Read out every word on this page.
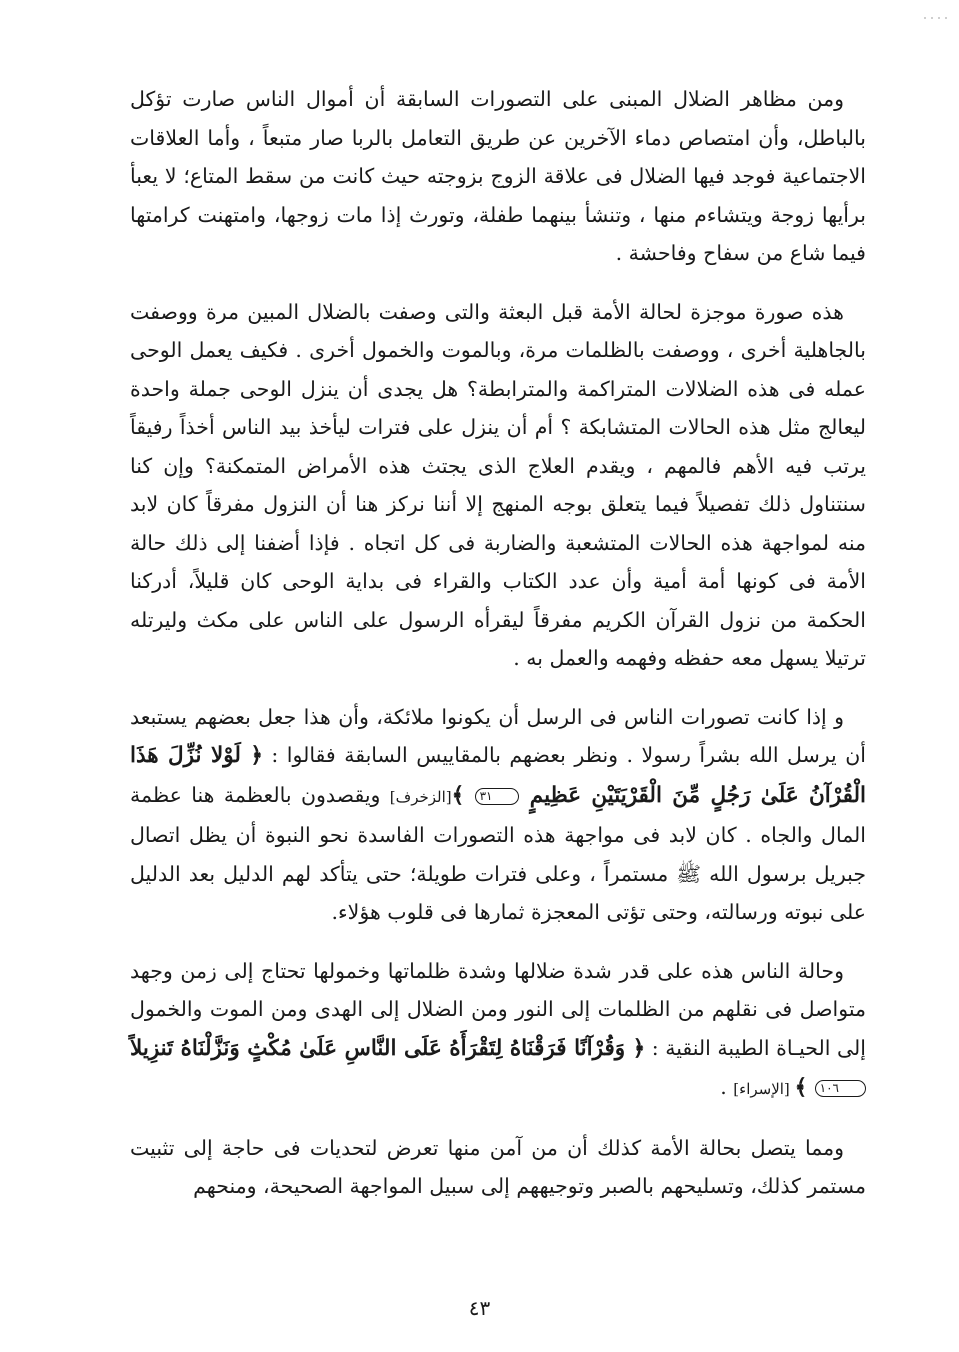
ومن مظاهر الضلال المبنى على التصورات السابقة أن أموال الناس صارت تؤكل بالباطل، وأن امتصاص دماء الآخرين عن طريق التعامل بالربا صار متبعاً ، وأما العلاقات الاجتماعية فوجد فيها الضلال فى علاقة الزوج بزوجته حيث كانت من سقط المتاع؛ لا يعبأ برأيها زوجة ويتشاءم منها ، وتنشأ بينهما طفلة، وتورث إذا مات زوجها، وامتهنت كرامتها فيما شاع من سفاح وفاحشة .

هذه صورة موجزة لحالة الأمة قبل البعثة والتى وصفت بالضلال المبين مرة ووصفت بالجاهلية أخرى ، ووصفت بالظلمات مرة، وبالموت والخمول أخرى . فكيف يعمل الوحى عمله فى هذه الضلالات المتراكمة والمترابطة؟ هل يجدى أن ينزل الوحى جملة واحدة ليعالج مثل هذه الحالات المتشابكة ؟ أم أن ينزل على فترات ليأخذ بيد الناس أخذاً رفيقاً يرتب فيه الأهم فالمهم ، ويقدم العلاج الذى يجتث هذه الأمراض المتمكنة؟ وإن كنا سنتناول ذلك تفصيلاً فيما يتعلق بوجه المنهج إلا أننا نركز هنا أن النزول مفرقاً كان لابد منه لمواجهة هذه الحالات المتشعبة والضاربة فى كل اتجاه . فإذا أضفنا إلى ذلك حالة الأمة فى كونها أمة أمية وأن عدد الكتاب والقراء فى بداية الوحى كان قليلاً، أدركنا الحكمة من نزول القرآن الكريم مفرقاً ليقرأه الرسول على الناس على مكث وليرتله ترتيلا يسهل معه حفظه وفهمه والعمل به .

و إذا كانت تصورات الناس فى الرسل أن يكونوا ملائكة، وأن هذا جعل بعضهم يستبعد أن يرسل الله بشراً رسولا . ونظر بعضهم بالمقاييس السابقة فقالوا : ﴿ لَوْلا نُزِّلَ هَذَا الْقُرْآنُ عَلَىٰ رَجُلٍ مِّنَ الْقَرْيَتَيْنِ عَظِيمٍ ٣١ ﴾[الزخرف] ويقصدون بالعظمة هنا عظمة المال والجاه . كان لابد فى مواجهة هذه التصورات الفاسدة نحو النبوة أن يظل اتصال جبريل برسول الله ﷺ مستمراً ، وعلى فترات طويلة؛ حتى يتأكد لهم الدليل بعد الدليل على نبوته ورسالته، وحتى تؤتى المعجزة ثمارها فى قلوب هؤلاء.

وحالة الناس هذه على قدر شدة ضلالها وشدة ظلماتها وخمولها تحتاج إلى زمن وجهد متواصل فى نقلهم من الظلمات إلى النور ومن الضلال إلى الهدى ومن الموت والخمول إلى الحيـاة الطيبة النقية : ﴿ وَقُرْآنًا فَرَقْنَاهُ لِتَقْرَأَهُ عَلَى النَّاسِ عَلَىٰ مُكْثٍ وَنَزَّلْنَاهُ تَنزِيلاً ١٠٦ ﴾ [الإسراء] .

ومما يتصل بحالة الأمة كذلك أن من آمن منها تعرض لتحديات فى حاجة إلى تثبيت مستمر كذلك، وتسليحهم بالصبر وتوجيههم إلى سبيل المواجهة الصحيحة، ومنحهم

٤٣
